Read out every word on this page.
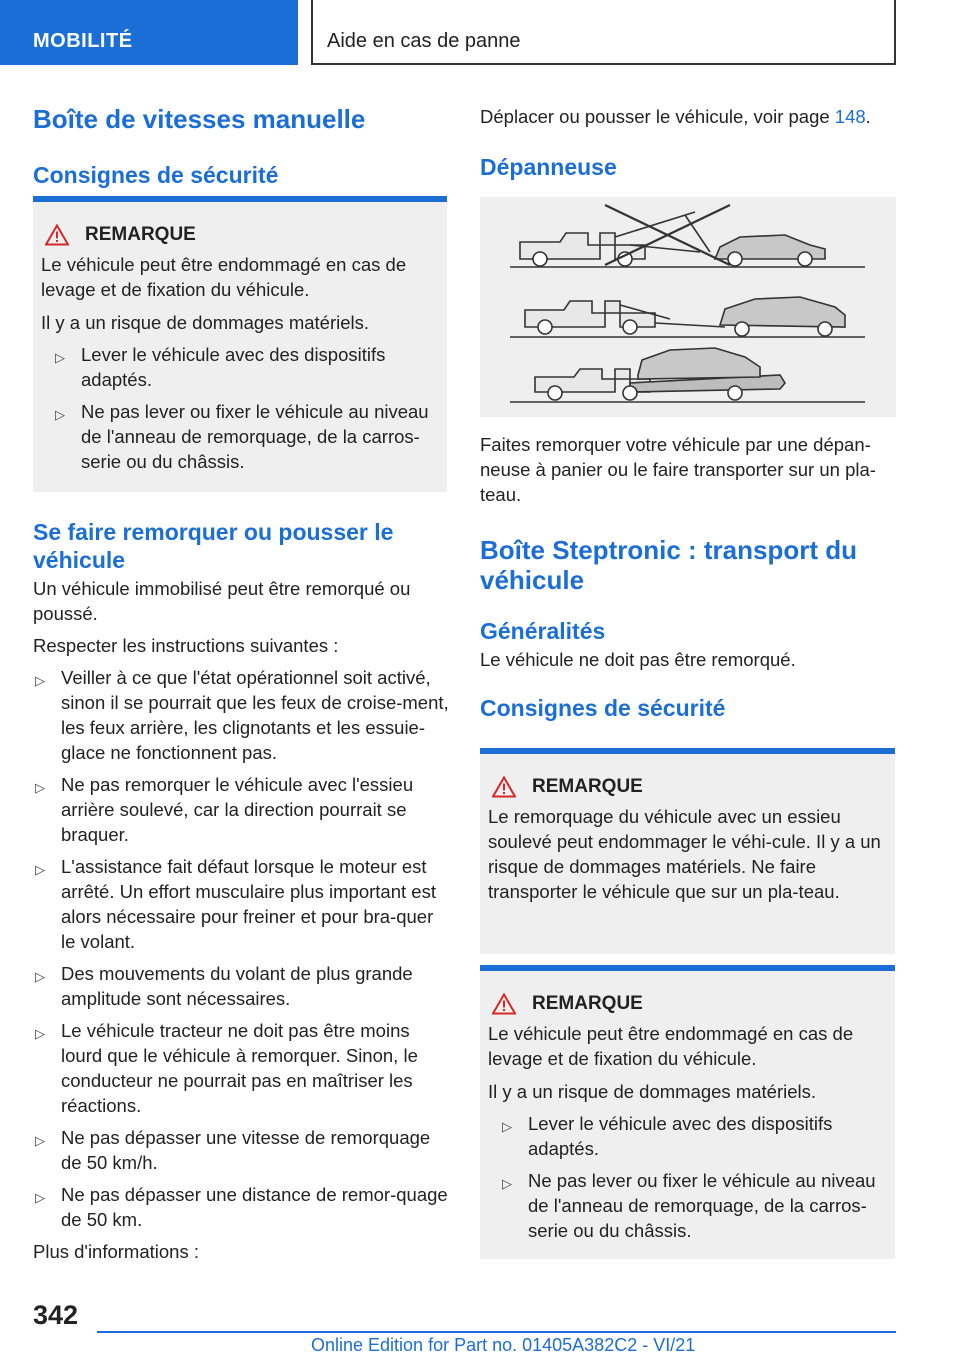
MOBILITÉ	Aide en cas de panne
Boîte de vitesses manuelle
Consignes de sécurité
REMARQUE

Le véhicule peut être endommagé en cas de levage et de fixation du véhicule.

Il y a un risque de dommages matériels.

▷ Lever le véhicule avec des dispositifs adaptés.
▷ Ne pas lever ou fixer le véhicule au niveau de l'anneau de remorquage, de la carros-serie ou du châssis.
Se faire remorquer ou pousser le véhicule

Un véhicule immobilisé peut être remorqué ou poussé.

Respecter les instructions suivantes :

▷ Veiller à ce que l'état opérationnel soit activé, sinon il se pourrait que les feux de croise-ment, les feux arrière, les clignotants et les essuie-glace ne fonctionnent pas.
▷ Ne pas remorquer le véhicule avec l'essieu arrière soulevé, car la direction pourrait se braquer.
▷ L'assistance fait défaut lorsque le moteur est arrêté. Un effort musculaire plus important est alors nécessaire pour freiner et pour bra-quer le volant.
▷ Des mouvements du volant de plus grande amplitude sont nécessaires.
▷ Le véhicule tracteur ne doit pas être moins lourd que le véhicule à remorquer. Sinon, le conducteur ne pourrait pas en maîtriser les réactions.
▷ Ne pas dépasser une vitesse de remorquage de 50 km/h.
▷ Ne pas dépasser une distance de remor-quage de 50 km.

Plus d'informations :

Déplacer ou pousser le véhicule, voir page 148.

Dépanneuse

Faites remorquer votre véhicule par une dépan-neuse à panier ou le faire transporter sur un pla-teau.

Boîte Steptronic : transport du véhicule
Généralités

Le véhicule ne doit pas être remorqué.

Consignes de sécurité
REMARQUE

Le remorquage du véhicule avec un essieu soulevé peut endommager le véhi-cule. Il y a un risque de dommages matériels. Ne faire transporter le véhicule que sur un pla-teau.

REMARQUE

Le véhicule peut être endommagé en cas de levage et de fixation du véhicule.

Il y a un risque de dommages matériels.

▷ Lever le véhicule avec des dispositifs adaptés.
▷ Ne pas lever ou fixer le véhicule au niveau de l'anneau de remorquage, de la carros-serie ou du châssis.
342
Online Edition for Part no. 01405A382C2 - VI/21
